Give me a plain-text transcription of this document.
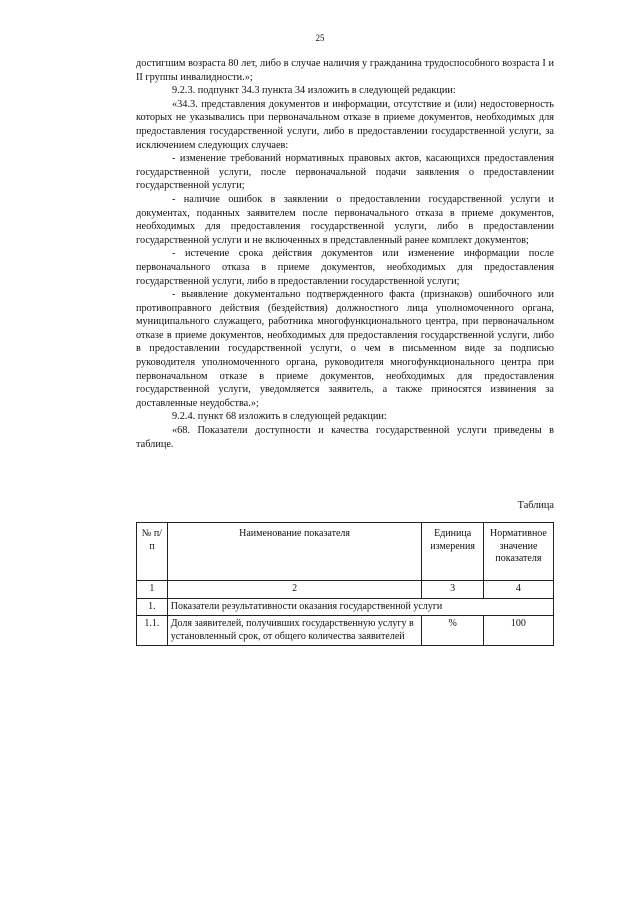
25

достигшим возраста 80 лет, либо в случае наличия у гражданина трудоспособного возраста I и II группы инвалидности.»;

9.2.3. подпункт 34.3 пункта 34 изложить в следующей редакции:

«34.3. представления документов и информации, отсутствие и (или) недостоверность которых не указывались при первоначальном отказе в приеме документов, необходимых для предоставления государственной услуги, либо в предоставлении государственной услуги, за исключением следующих случаев:

- изменение требований нормативных правовых актов, касающихся предоставления государственной услуги, после первоначальной подачи заявления о предоставлении государственной услуги;

- наличие ошибок в заявлении о предоставлении государственной услуги и документах, поданных заявителем после первоначального отказа в приеме документов, необходимых для предоставления государственной услуги, либо в предоставлении государственной услуги и не включенных в представленный ранее комплект документов;

- истечение срока действия документов или изменение информации после первоначального отказа в приеме документов, необходимых для предоставления государственной услуги, либо в предоставлении государственной услуги;

- выявление документально подтвержденного факта (признаков) ошибочного или противоправного действия (бездействия) должностного лица уполномоченного органа, муниципального служащего, работника многофункционального центра, при первоначальном отказе в приеме документов, необходимых для предоставления государственной услуги, либо в предоставлении государственной услуги, о чем в письменном виде за подписью руководителя уполномоченного органа, руководителя многофункционального центра при первоначальном отказе в приеме документов, необходимых для предоставления государственной услуги, уведомляется заявитель, а также приносятся извинения за доставленные неудобства.»;

9.2.4. пункт 68 изложить в следующей редакции:

«68. Показатели доступности и качества государственной услуги приведены в таблице.

Таблица
№ п/п	Наименование показателя	Единица измерения	Нормативное значение показателя
1	2	3	4
1.	Показатели результативности оказания государственной услуги		
1.1.	Доля заявителей, получивших государственную услугу в установленный срок, от общего количества заявителей	%	100
